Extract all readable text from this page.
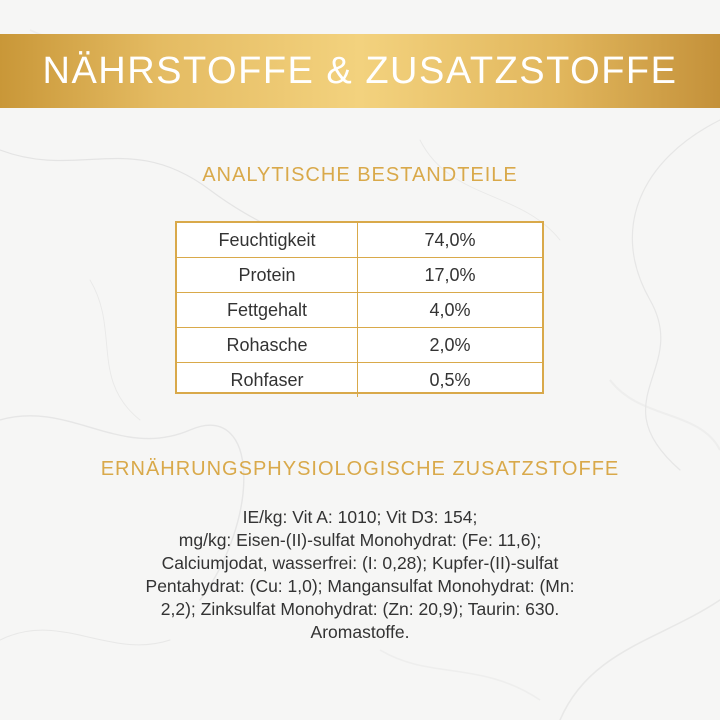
NÄHRSTOFFE & ZUSATZSTOFFE
ANALYTISCHE BESTANDTEILE
Feuchtigkeit	74,0%
Protein	17,0%
Fettgehalt	4,0%
Rohasche	2,0%
Rohfaser	0,5%
ERNÄHRUNGSPHYSIOLOGISCHE ZUSATZSTOFFE
IE/kg: Vit A: 1010; Vit D3: 154;
mg/kg: Eisen-(II)-sulfat Monohydrat: (Fe: 11,6);
Calciumjodat, wasserfrei: (I: 0,28); Kupfer-(II)-sulfat
Pentahydrat: (Cu: 1,0); Mangansulfat Monohydrat: (Mn:
2,2); Zinksulfat Monohydrat: (Zn: 20,9); Taurin: 630.
Aromastoffe.
